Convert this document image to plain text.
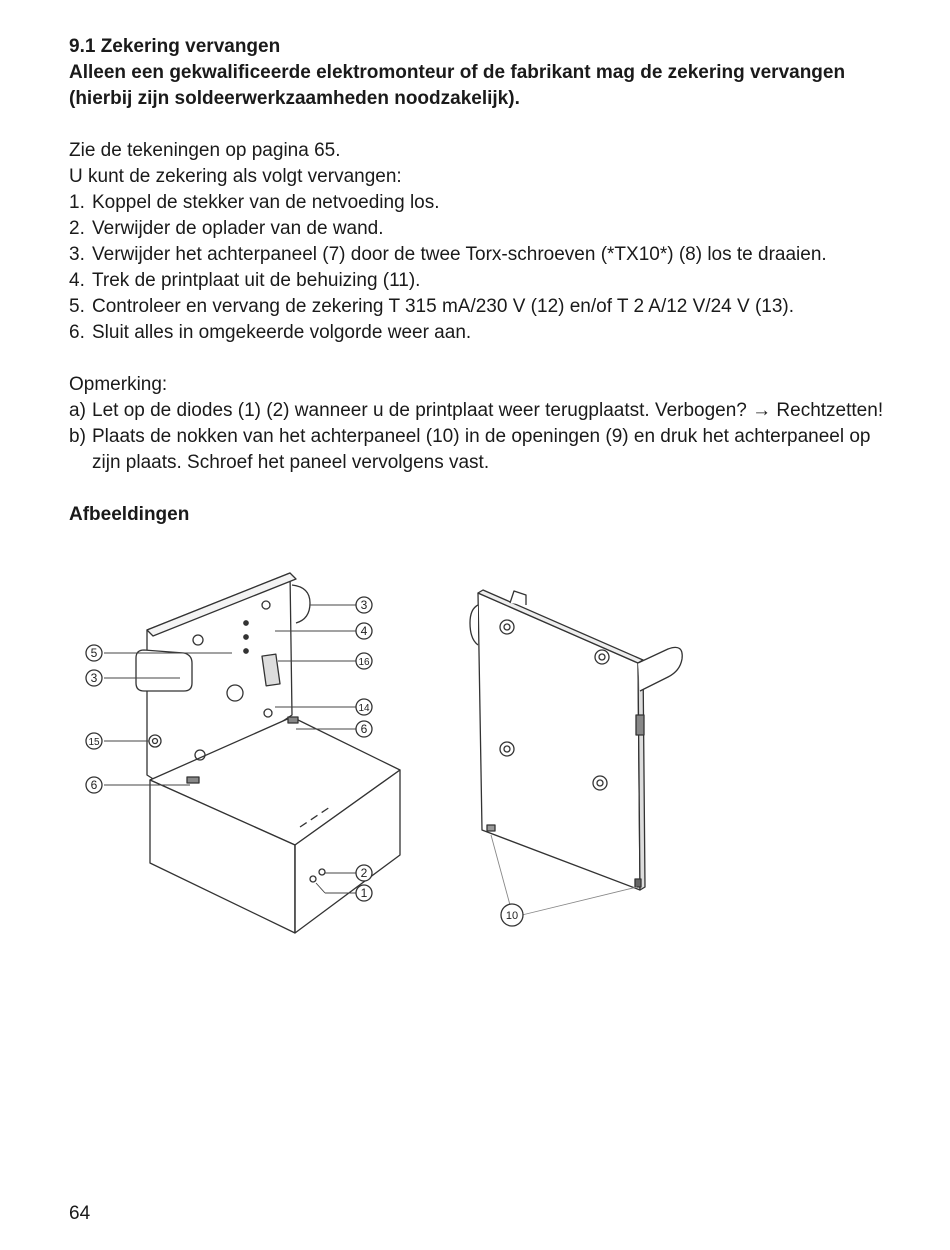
9.1 Zekering vervangen

Alleen een gekwalificeerde elektromonteur of de fabrikant mag de zekering vervangen

(hierbij zijn soldeerwerkzaamheden noodzakelijk).

Zie de tekeningen op pagina 65.

U kunt de zekering als volgt vervangen:

1. Koppel de stekker van de netvoeding los.
2. Verwijder de oplader van de wand.
3. Verwijder het achterpaneel (7) door de twee Torx-schroeven (*TX10*) (8) los te draaien.
4. Trek de printplaat uit de behuizing (11).
5. Controleer en vervang de zekering T 315 mA/230 V (12) en/of T 2 A/12 V/24 V (13).
6. Sluit alles in omgekeerde volgorde weer aan.

Opmerking:

a) Let op de diodes (1) (2) wanneer u de printplaat weer terugplaatst. Verbogen? → Rechtzetten!
b) Plaats de nokken van het achterpaneel (10) in de openingen (9) en druk het achterpaneel op zijn plaats. Schroef het paneel vervolgens vast.

Afbeeldingen

3
4
16
14
6
5
3
15
6
2
1
10
64
